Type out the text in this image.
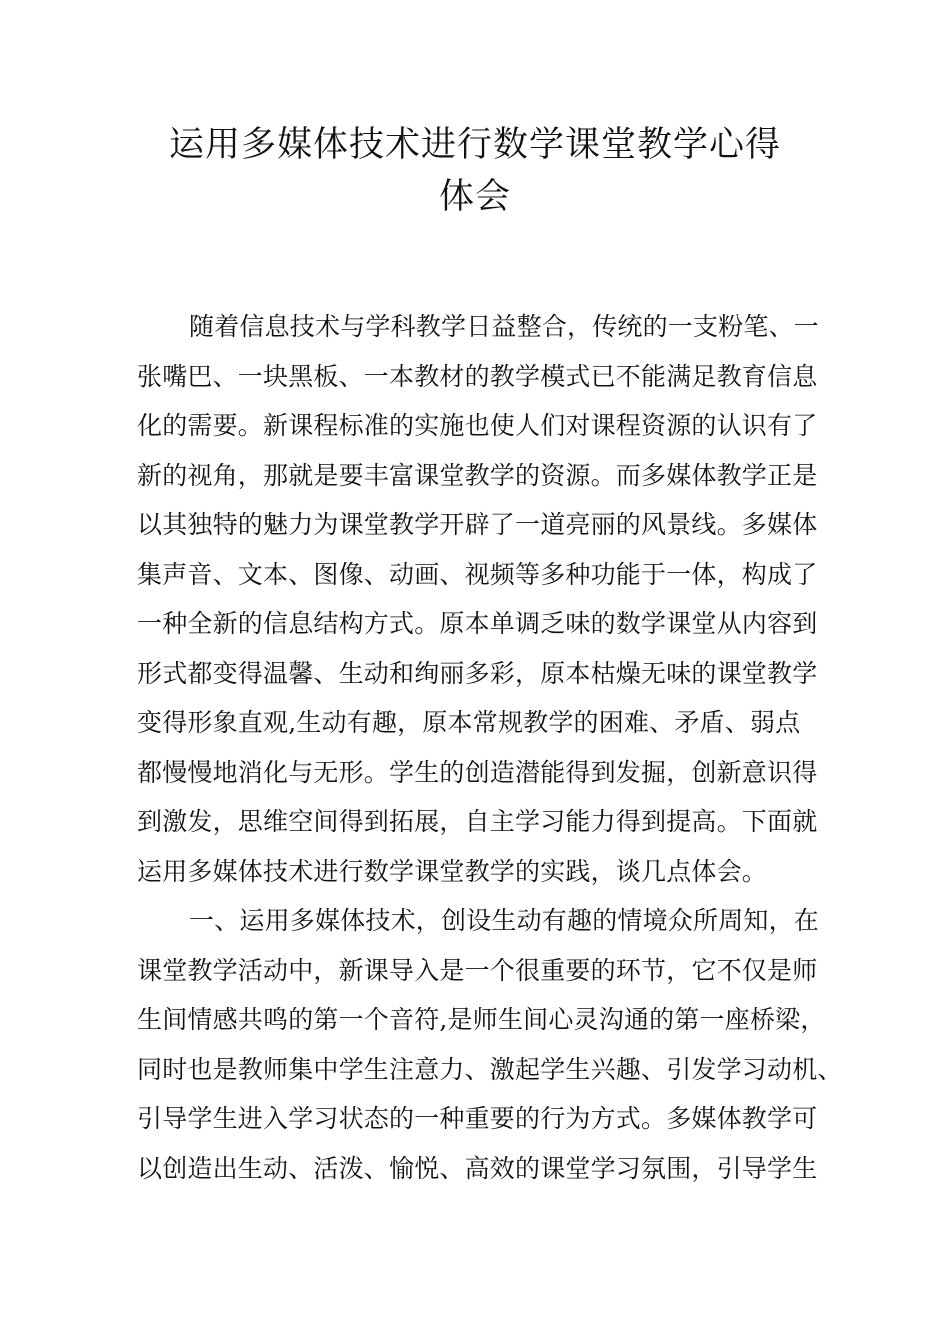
运用多媒体技术进行数学课堂教学心得
体会
随着信息技术与学科教学日益整合，传统的一支粉笔、一
张嘴巴、一块黑板、一本教材的教学模式已不能满足教育信息
化的需要。新课程标准的实施也使人们对课程资源的认识有了
新的视角，那就是要丰富课堂教学的资源。而多媒体教学正是
以其独特的魅力为课堂教学开辟了一道亮丽的风景线。多媒体
集声音、文本、图像、动画、视频等多种功能于一体，构成了
一种全新的信息结构方式。原本单调乏味的数学课堂从内容到
形式都变得温馨、生动和绚丽多彩，原本枯燥无味的课堂教学
变得形象直观,生动有趣，原本常规教学的困难、矛盾、弱点
都慢慢地消化与无形。学生的创造潜能得到发掘，创新意识得
到激发，思维空间得到拓展，自主学习能力得到提高。下面就
运用多媒体技术进行数学课堂教学的实践，谈几点体会。
一、运用多媒体技术，创设生动有趣的情境众所周知，在
课堂教学活动中，新课导入是一个很重要的环节，它不仅是师
生间情感共鸣的第一个音符,是师生间心灵沟通的第一座桥梁，
同时也是教师集中学生注意力、激起学生兴趣、引发学习动机、
引导学生进入学习状态的一种重要的行为方式。多媒体教学可
以创造出生动、活泼、愉悦、高效的课堂学习氛围，引导学生
